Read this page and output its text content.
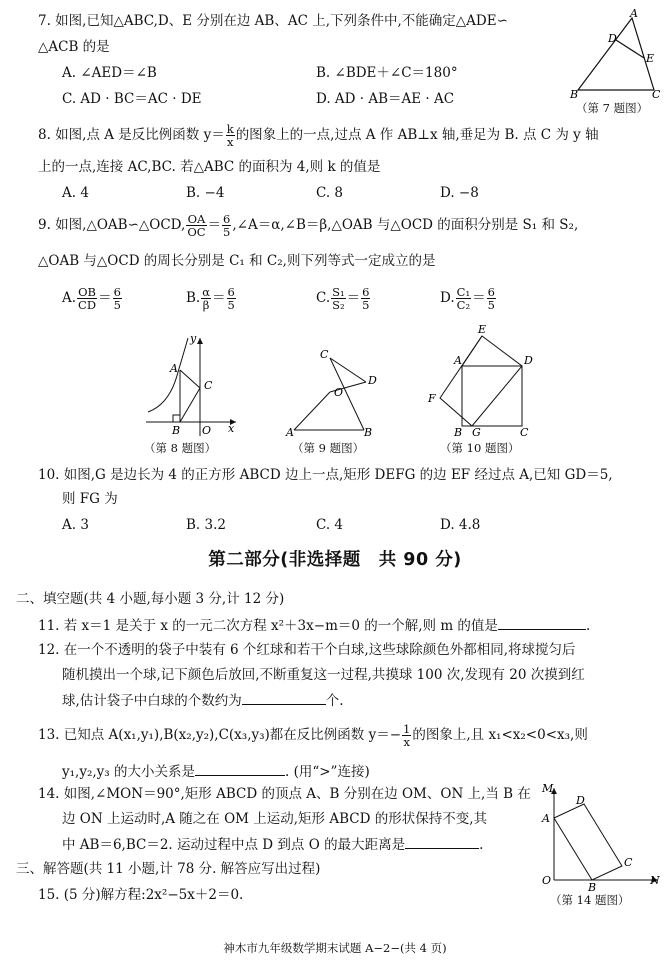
7. 如图,已知△ABC,D、E 分别在边 AB、AC 上,下列条件中,不能确定△ADE∽
△ACB 的是
A. ∠AED＝∠B	B. ∠BDE＋∠C＝180°
C. AD · BC＝AC · DE	D. AD · AB＝AE · AC
A
D
E
B	C
（第 7 题图）
8. 如图,点 A 是反比例函数 $y= \frac{k}{x}$ 的图象上的一点,过点 A 作 AB⊥x 轴,垂足为 B. 点 C 为 y 轴
上的一点,连接 AC,BC. 若△ABC 的面积为 4,则 k 的值是
A. 4	B. −4	C. 8	D. −8
9. 如图,△OAB∽△OCD, $\frac{OA}{OC} = \frac{6}{5}$ ,∠A＝α,∠B＝β,△OAB 与△OCD 的面积分别是 S₁ 和 S₂,
△OAB 与△OCD 的周长分别是 C₁ 和 C₂,则下列等式一定成立的是
A. $\frac{OB}{CD} = \frac{6}{5}$	B. $\frac{\alpha}{\beta} = \frac{6}{5}$	C. $\frac{\text{S₁}}{\text{S₂}} = \frac{6}{5}$	D. $\frac{\text{C₁}}{\text{C₂}} = \frac{6}{5}$
A
C
B O x
y
（第 8 题图）
C
D
O
A	B
（第 9 题图）
E
A	D
F
B G	C
（第 10 题图）
10. 如图,G 是边长为 4 的正方形 ABCD 边上一点,矩形 DEFG 的边 EF 经过点 A,已知 GD＝5,
则 FG 为
A. 3	B. 3.2	C. 4	D. 4.8
第二部分(非选择题　共 90 分)
二、填空题(共 4 小题,每小题 3 分,计 12 分)
11. 若 x＝1 是关于 x 的一元二次方程 x²＋3x−m＝0 的一个解,则 m 的值是	.
12. 在一个不透明的袋子中装有 6 个红球和若干个白球,这些球除颜色外都相同,将球搅匀后
随机摸出一个球,记下颜色后放回,不断重复这一过程,共摸球 100 次,发现有 20 次摸到红
球,估计袋子中白球的个数约为	个.
13. 已知点 A(x₁,y₁),B(x₂,y₂),C(x₃,y₃)都在反比例函数 $y=- \frac{1}{x}$ 的图象上,且 x₁<x₂<0<x₃,则
y₁,y₂,y₃ 的大小关系是	. (用“>”连接)
14. 如图,∠MON＝90°,矩形 ABCD 的顶点 A、B 分别在边 OM、ON 上,当 B 在
边 ON 上运动时,A 随之在 OM 上运动,矩形 ABCD 的形状保持不变,其
中 AB＝6,BC＝2. 运动过程中点 D 到点 O 的最大距离是	.
M
A
D
C
B
O	N
（第 14 题图）
三、解答题(共 11 小题,计 78 分. 解答应写出过程)
15. (5 分)解方程:2x²−5x＋2＝0.
神木市九年级数学期末试题 A−2−(共 4 页)
